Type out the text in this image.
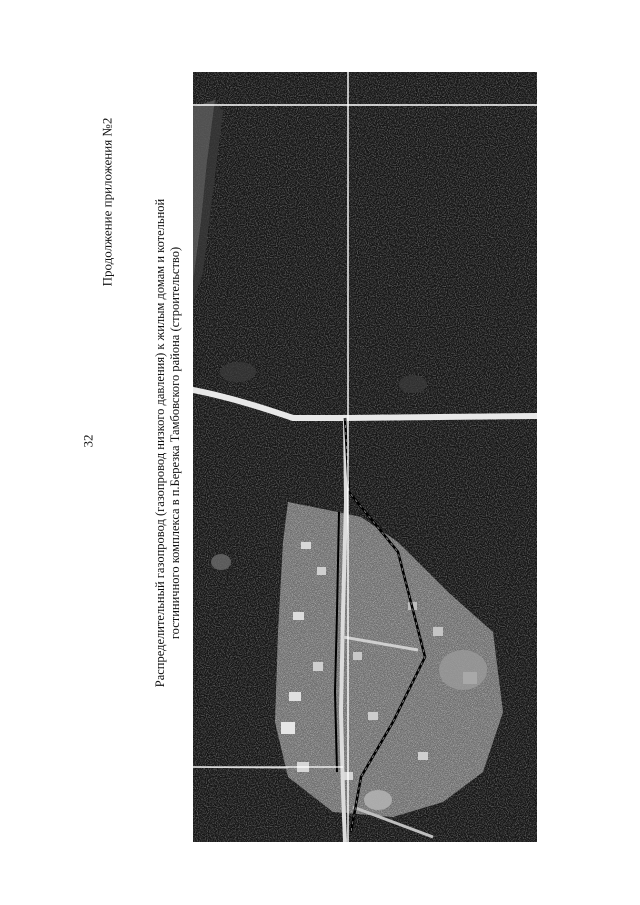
32
Продолжение приложения №2	Распределительный газопровод (газопровод низкого давления) к жилым домам и котельной гостиничного комплекса в п.Березка Тамбовского района (строительство)
